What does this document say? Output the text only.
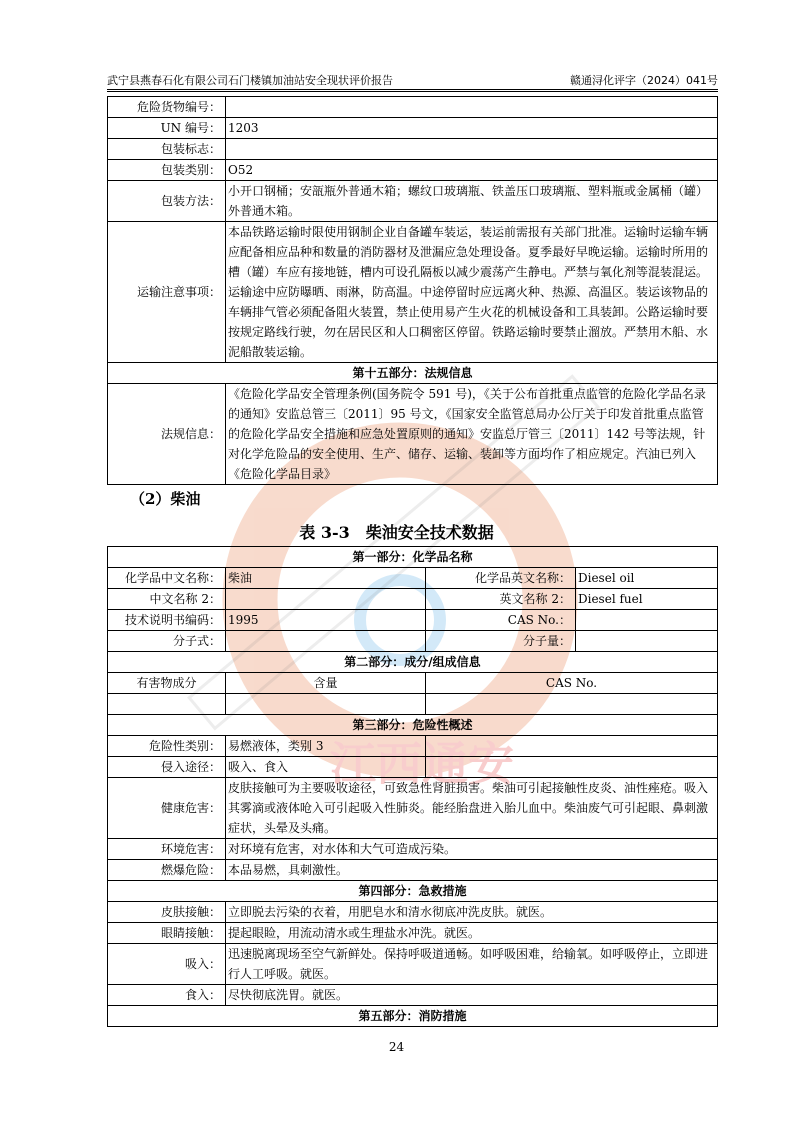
江西通安
武宁县燕春石化有限公司石门楼镇加油站安全现状评价报告	赣通浔化评字（2024）041号
危险货物编号：	
UN 编号：	1203
包装标志：	
包装类别：	O52
包装方法：	小开口钢桶；安瓿瓶外普通木箱；螺纹口玻璃瓶、铁盖压口玻璃瓶、塑料瓶或金属桶（罐）外普通木箱。
运输注意事项：	本品铁路运输时限使用钢制企业自备罐车装运，装运前需报有关部门批准。运输时运输车辆应配备相应品种和数量的消防器材及泄漏应急处理设备。夏季最好早晚运输。运输时所用的槽（罐）车应有接地链，槽内可设孔隔板以减少震荡产生静电。严禁与氧化剂等混装混运。运输途中应防曝晒、雨淋，防高温。中途停留时应远离火种、热源、高温区。装运该物品的车辆排气管必须配备阻火装置，禁止使用易产生火花的机械设备和工具装卸。公路运输时要按规定路线行驶，勿在居民区和人口稠密区停留。铁路运输时要禁止溜放。严禁用木船、水泥船散装运输。
第十五部分：法规信息	
法规信息：	《危险化学品安全管理条例(国务院令 591 号)，《关于公布首批重点监管的危险化学品名录的通知》安监总管三〔2011〕95 号文，《国家安全监管总局办公厅关于印发首批重点监管的危险化学品安全措施和应急处置原则的通知》安监总厅管三〔2011〕142 号等法规，针对化学危险品的安全使用、生产、储存、运输、装卸等方面均作了相应规定。汽油已列入《危险化学品目录》
（2）柴油
表 3-3　柴油安全技术数据
第一部分：化学品名称			
化学品中文名称：	柴油	化学品英文名称：	Diesel oil
中文名称 2：		英文名称 2：	Diesel fuel
技术说明书编码：	1995	CAS No.：	
分子式：		分子量：	
第二部分：成分/组成信息			
有害物成分	含量	CAS No.	

第三部分：危险性概述			
危险性类别：	易燃液体，类别 3		
侵入途径：	吸入、食入		
健康危害：	皮肤接触可为主要吸收途径，可致急性肾脏损害。柴油可引起接触性皮炎、油性痤疮。吸入其雾滴或液体呛入可引起吸入性肺炎。能经胎盘进入胎儿血中。柴油废气可引起眼、鼻刺激症状，头晕及头痛。		
环境危害：	对环境有危害，对水体和大气可造成污染。		
燃爆危险：	本品易燃，具刺激性。		
第四部分：急救措施			
皮肤接触：	立即脱去污染的衣着，用肥皂水和清水彻底冲洗皮肤。就医。		
眼睛接触：	提起眼睑，用流动清水或生理盐水冲洗。就医。		
吸入：	迅速脱离现场至空气新鲜处。保持呼吸道通畅。如呼吸困难，给输氧。如呼吸停止，立即进行人工呼吸。就医。		
食入：	尽快彻底洗胃。就医。		
第五部分：消防措施			
24
